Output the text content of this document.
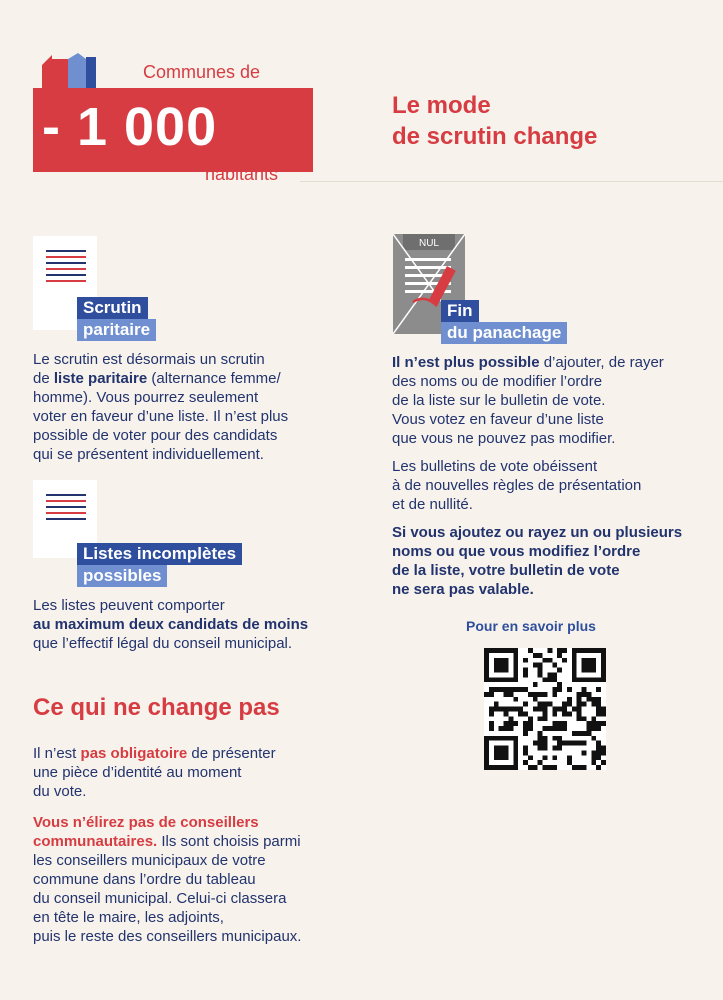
- 1 000
Communes de
habitants
Le mode
de scrutin change
Scrutin
paritaire
Le scrutin est désormais un scrutin
de liste paritaire (alternance femme/
homme). Vous pourrez seulement
voter en faveur d’une liste. Il n’est plus
possible de voter pour des candidats
qui se présentent individuellement.
Listes incomplètes
possibles
Les listes peuvent comporter
au maximum deux candidats de moins
que l’effectif légal du conseil municipal.
Ce qui ne change pas
Il n’est pas obligatoire de présenter
une pièce d’identité au moment
du vote.
Vous n’élirez pas de conseillers
communautaires. Ils sont choisis parmi
les conseillers municipaux de votre
commune dans l’ordre du tableau
du conseil municipal. Celui-ci classera
en tête le maire, les adjoints,
puis le reste des conseillers municipaux.
NUL
Fin
du panachage
Il n’est plus possible d’ajouter, de rayer
des noms ou de modifier l’ordre
de la liste sur le bulletin de vote.
Vous votez en faveur d’une liste
que vous ne pouvez pas modifier.
Les bulletins de vote obéissent
à de nouvelles règles de présentation
et de nullité.
Si vous ajoutez ou rayez un ou plusieurs
noms ou que vous modifiez l’ordre
de la liste, votre bulletin de vote
ne sera pas valable.
Pour en savoir plus
